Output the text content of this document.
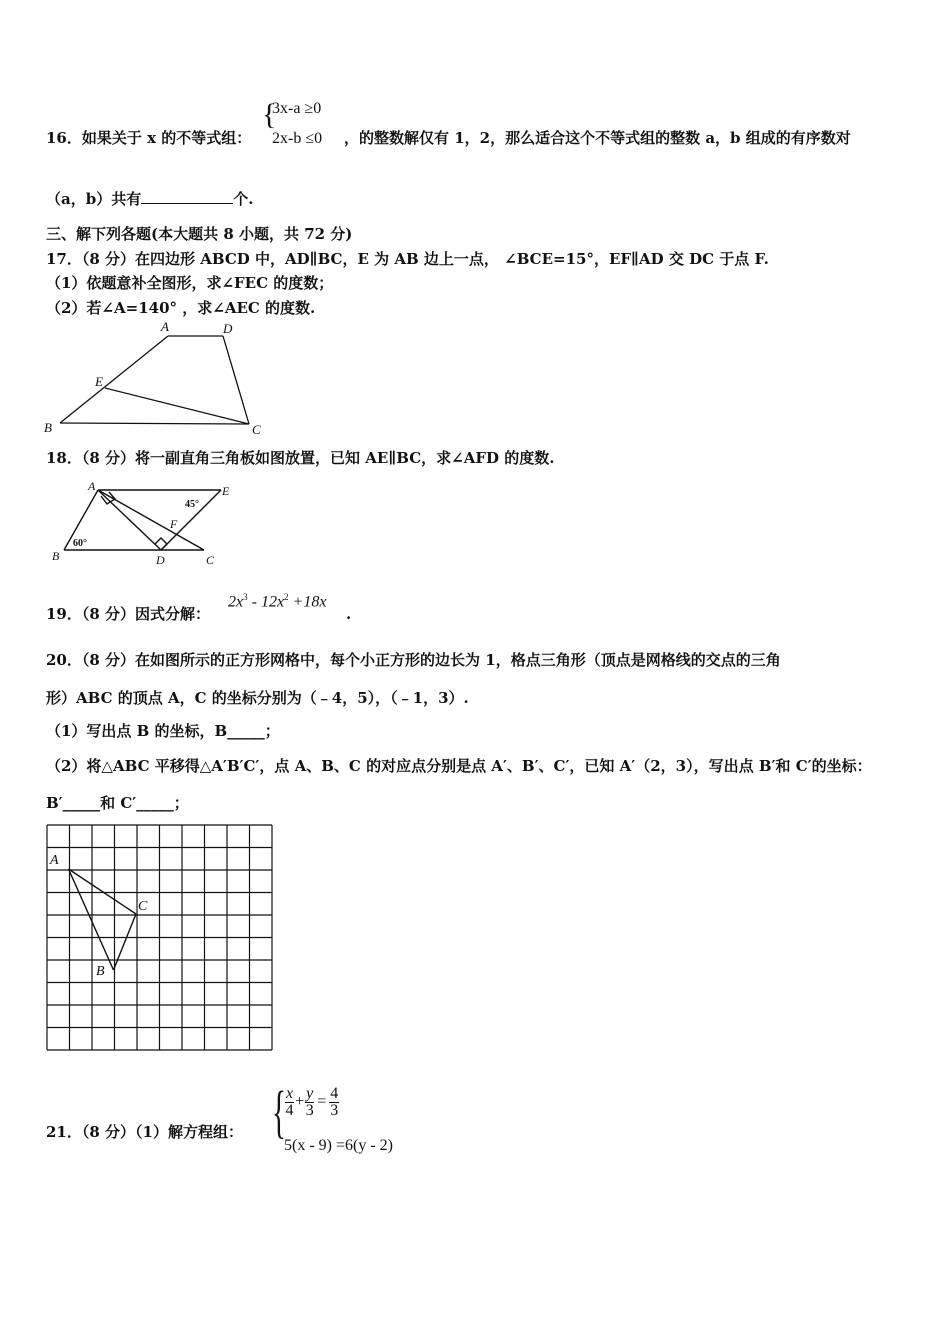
{
3x-a ≥0
2x-b ≤0
16．如果关于 x 的不等式组：	，的整数解仅有 1，2，那么适合这个不等式组的整数 a，b 组成的有序数对
（a，b）共有	个.
三、解下列各题(本大题共 8 小题，共 72 分)
17．（8 分）在四边形 ABCD 中，AD∥BC，E 为 AB 边上一点， ∠BCE=15°，EF∥AD 交 DC 于点 F.
（1）依题意补全图形，求∠FEC 的度数；
（2）若∠A=140° ，求∠AEC 的度数.
A	D
E
B	C
18．（8 分）将一副直角三角板如图放置，已知 AE∥BC，求∠AFD 的度数.
A	E
F
B	D	C
45°
60°
19．（8 分）因式分解：
$2x^3 - 12x^2 +18x$
.
20．（8 分）在如图所示的正方形网格中，每个小正方形的边长为 1，格点三角形（顶点是网格线的交点的三角
形）ABC 的顶点 A，C 的坐标分别为（﹣4，5），（﹣1，3）.
（1）写出点 B 的坐标，B_____；
（2）将△ABC 平移得△A′B′C′，点 A、B、C 的对应点分别是点 A′、B′、C′，已知 A′（2，3），写出点 B′和 C′的坐标：
B′_____和 C′_____；
A
C
B
21．（8 分）（1）解方程组： { $\frac{x}{4} + \frac{y}{3} = \frac{4}{3}$
5(x - 9) =6(y - 2)
